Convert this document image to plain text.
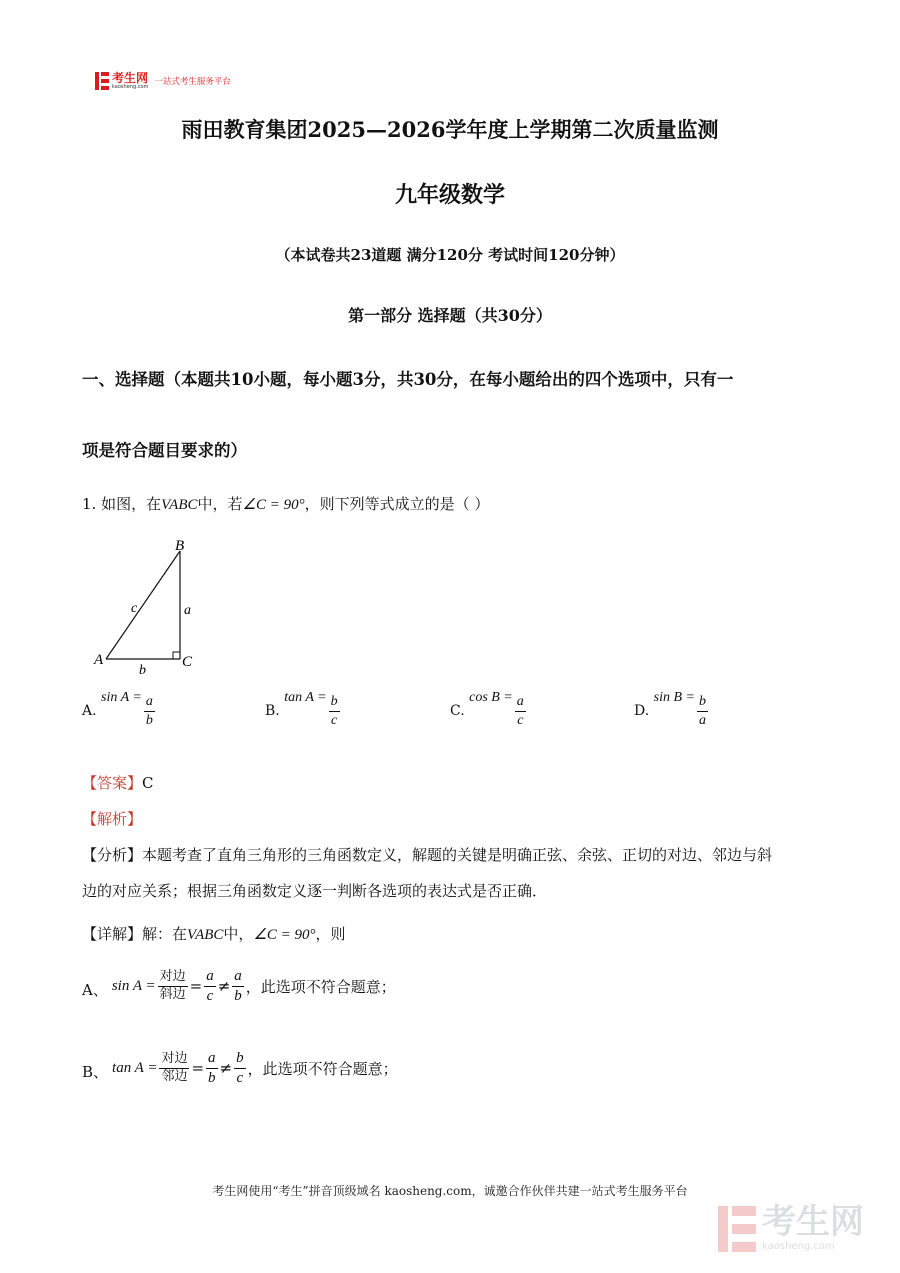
考生网
kaosheng.com 一站式考生服务平台
雨田教育集团2025—2026学年度上学期第二次质量监测
九年级数学
（本试卷共23道题 满分120分 考试时间120分钟）
第一部分 选择题（共30分）
一、选择题（本题共10小题，每小题3分，共30分，在每小题给出的四个选项中，只有一
项是符合题目要求的）
1. 如图，在VABC中，若∠C = 90°，则下列等式成立的是（ ）
B
A	C
a
b
c
A. $\sin A = \frac{a}{b}$	B. $\tan A = \frac{b}{c}$	C. $\cos B = \frac{a}{c}$	D. $\sin B = \frac{b}{a}$
【答案】C
【解析】
【分析】本题考查了直角三角形的三角函数定义，解题的关键是明确正弦、余弦、正切的对边、邻边与斜
边的对应关系；根据三角函数定义逐一判断各选项的表达式是否正确．
【详解】解：在VABC中，∠C = 90°，则
A、 $\sin A = \frac{\text{对边}}{\text{斜边}} = \frac{a}{c} \ne \frac{a}{b}$ ，此选项不符合题意；
B、 $\tan A = \frac{\text{对边}}{\text{邻边}} = \frac{a}{b} \ne \frac{b}{c}$ ，此选项不符合题意；
考生网使用“考生”拼音顶级域名 kaosheng.com，诚邀合作伙伴共建一站式考生服务平台
考生网
kaosheng.com
